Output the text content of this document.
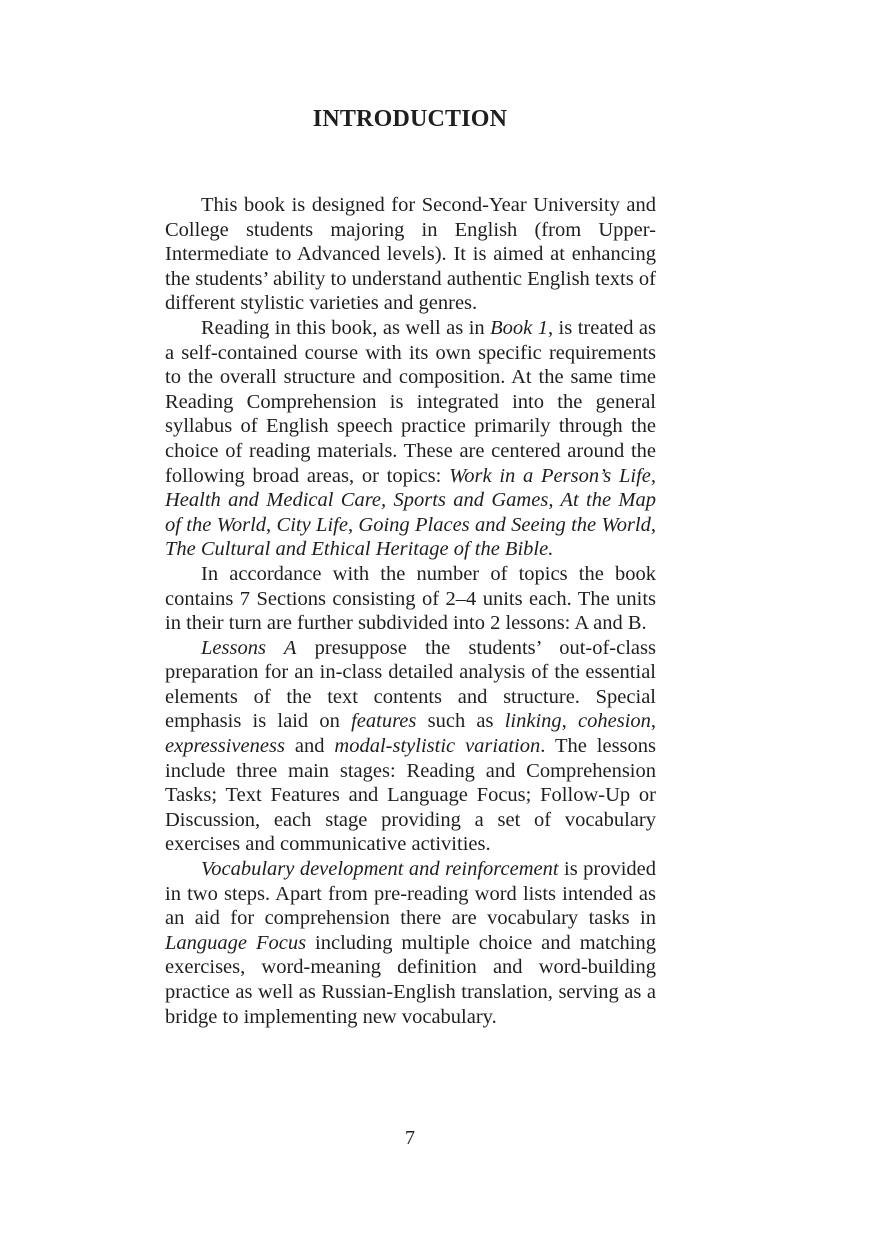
INTRODUCTION

This book is designed for Second-Year University and College students majoring in English (from Upper-Intermediate to Advanced levels). It is aimed at enhancing the students’ ability to understand authentic English texts of different stylistic varieties and genres.

Reading in this book, as well as in Book 1, is treated as a self-contained course with its own specific requirements to the overall structure and composition. At the same time Reading Comprehension is integrated into the general syllabus of English speech practice primarily through the choice of reading materials. These are centered around the following broad areas, or topics: Work in a Person’s Life, Health and Medical Care, Sports and Games, At the Map of the World, City Life, Going Places and Seeing the World, The Cultural and Ethical Heritage of the Bible.

In accordance with the number of topics the book contains 7 Sections consisting of 2–4 units each. The units in their turn are further subdivided into 2 lessons: A and B.

Lessons A presuppose the students’ out-of-class preparation for an in-class detailed analysis of the essential elements of the text contents and structure. Special emphasis is laid on features such as linking, cohesion, expressiveness and modal-stylistic variation. The lessons include three main stages: Reading and Comprehension Tasks; Text Features and Language Focus; Follow-Up or Discussion, each stage providing a set of vocabulary exercises and communicative activities.

Vocabulary development and reinforcement is provided in two steps. Apart from pre-reading word lists intended as an aid for comprehension there are vocabulary tasks in Language Focus including multiple choice and matching exercises, word-meaning definition and word-building practice as well as Russian-English translation, serving as a bridge to implementing new vocabulary.

7
